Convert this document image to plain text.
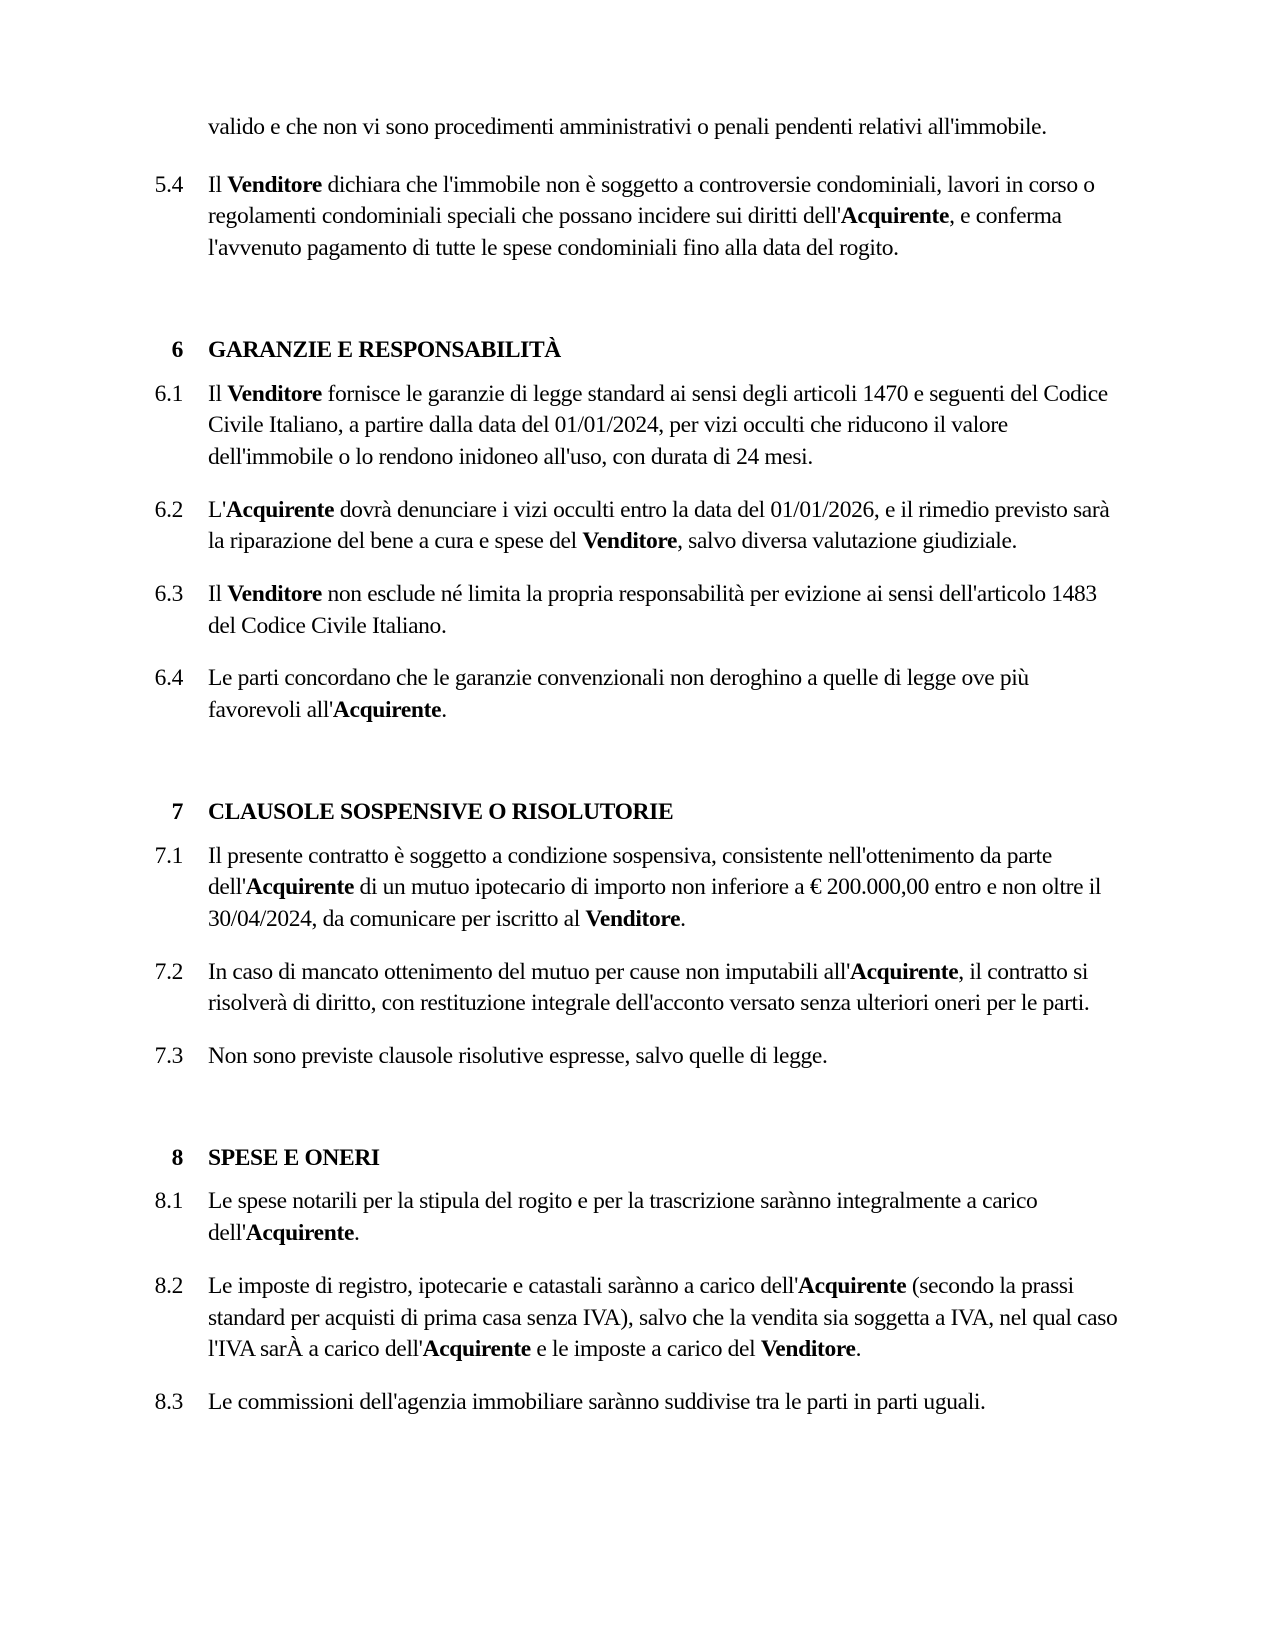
valido e che non vi sono procedimenti amministrativi o penali pendenti relativi all'immobile.

5.4 Il Venditore dichiara che l'immobile non è soggetto a controversie condominiali, lavori in corso o regolamenti condominiali speciali che possano incidere sui diritti dell'Acquirente, e conferma l'avvenuto pagamento di tutte le spese condominiali fino alla data del rogito.
6 GARANZIE E RESPONSABILITÀ
6.1 Il Venditore fornisce le garanzie di legge standard ai sensi degli articoli 1470 e seguenti del Codice Civile Italiano, a partire dalla data del 01/01/2024, per vizi occulti che riducono il valore dell'immobile o lo rendono inidoneo all'uso, con durata di 24 mesi.
6.2 L'Acquirente dovrà denunciare i vizi occulti entro la data del 01/01/2026, e il rimedio previsto sarà la riparazione del bene a cura e spese del Venditore, salvo diversa valutazione giudiziale.
6.3 Il Venditore non esclude né limita la propria responsabilità per evizione ai sensi dell'articolo 1483 del Codice Civile Italiano.
6.4 Le parti concordano che le garanzie convenzionali non deroghino a quelle di legge ove più favorevoli all'Acquirente.
7 CLAUSOLE SOSPENSIVE O RISOLUTORIE
7.1 Il presente contratto è soggetto a condizione sospensiva, consistente nell'ottenimento da parte dell'Acquirente di un mutuo ipotecario di importo non inferiore a € 200.000,00 entro e non oltre il 30/04/2024, da comunicare per iscritto al Venditore.
7.2 In caso di mancato ottenimento del mutuo per cause non imputabili all'Acquirente, il contratto si risolverà di diritto, con restituzione integrale dell'acconto versato senza ulteriori oneri per le parti.
7.3 Non sono previste clausole risolutive espresse, salvo quelle di legge.
8 SPESE E ONERI
8.1 Le spese notarili per la stipula del rogito e per la trascrizione sarànno integralmente a carico dell'Acquirente.
8.2 Le imposte di registro, ipotecarie e catastali sarànno a carico dell'Acquirente (secondo la prassi standard per acquisti di prima casa senza IVA), salvo che la vendita sia soggetta a IVA, nel qual caso l'IVA sarÀ a carico dell'Acquirente e le imposte a carico del Venditore.
8.3 Le commissioni dell'agenzia immobiliare sarànno suddivise tra le parti in parti uguali.
